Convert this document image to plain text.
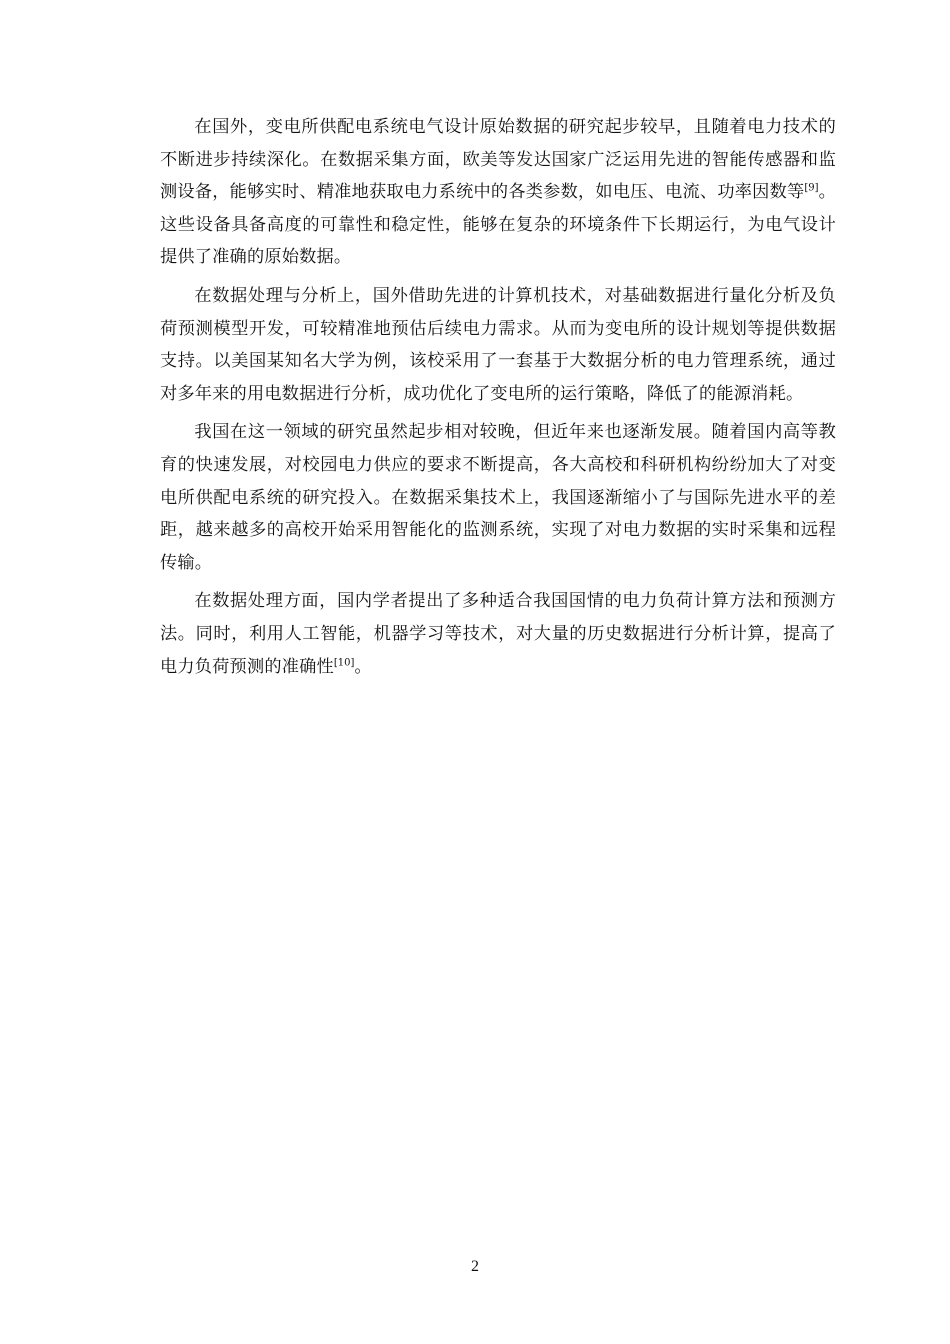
在国外，变电所供配电系统电气设计原始数据的研究起步较早，且随着电力技术的不断进步持续深化。在数据采集方面，欧美等发达国家广泛运用先进的智能传感器和监测设备，能够实时、精准地获取电力系统中的各类参数，如电压、电流、功率因数等[9]。这些设备具备高度的可靠性和稳定性，能够在复杂的环境条件下长期运行，为电气设计提供了准确的原始数据。

在数据处理与分析上，国外借助先进的计算机技术，对基础数据进行量化分析及负荷预测模型开发，可较精准地预估后续电力需求。从而为变电所的设计规划等提供数据支持。以美国某知名大学为例，该校采用了一套基于大数据分析的电力管理系统，通过对多年来的用电数据进行分析，成功优化了变电所的运行策略，降低了的能源消耗。

我国在这一领域的研究虽然起步相对较晚，但近年来也逐渐发展。随着国内高等教育的快速发展，对校园电力供应的要求不断提高，各大高校和科研机构纷纷加大了对变电所供配电系统的研究投入。在数据采集技术上，我国逐渐缩小了与国际先进水平的差距，越来越多的高校开始采用智能化的监测系统，实现了对电力数据的实时采集和远程传输。

在数据处理方面，国内学者提出了多种适合我国国情的电力负荷计算方法和预测方法。同时，利用人工智能，机器学习等技术，对大量的历史数据进行分析计算，提高了电力负荷预测的准确性[10]。

2
